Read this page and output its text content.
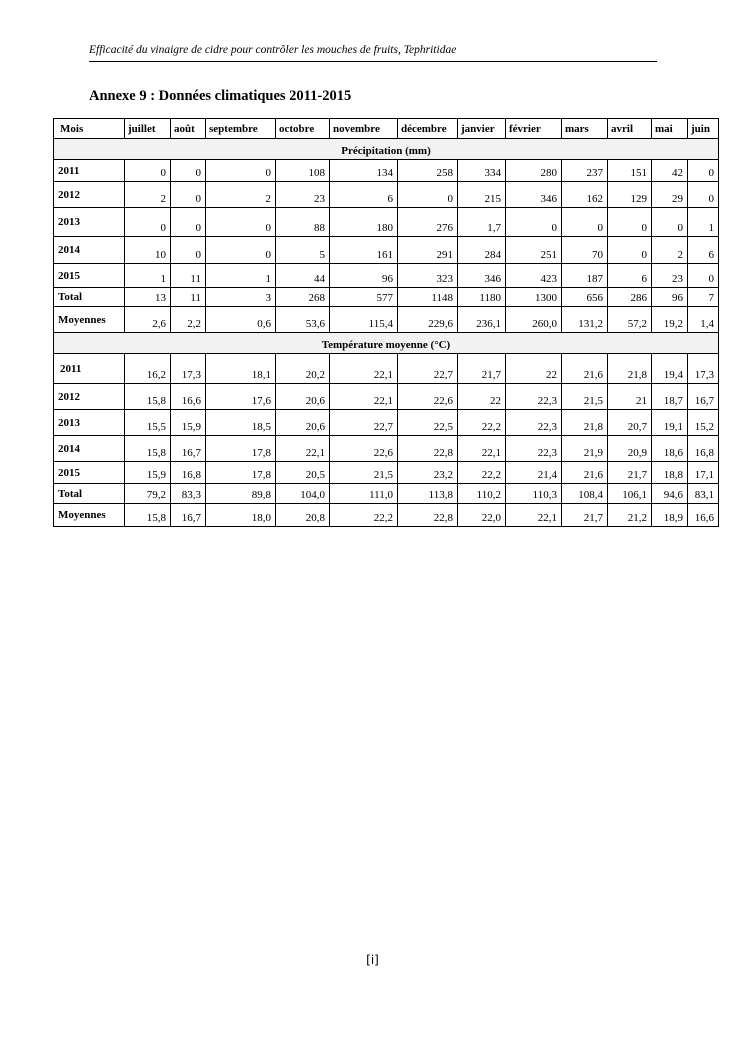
Efficacité du vinaigre de cidre pour contrôler les mouches de fruits, Tephritidae
Annexe 9 : Données climatiques 2011-2015
Mois	juillet	août	septembre	octobre	novembre	décembre	janvier	février	mars	avril	mai	juin
Précipitation (mm)												
2011	0	0	0	108	134	258	334	280	237	151	42	0
2012	2	0	2	23	6	0	215	346	162	129	29	0
2013	0	0	0	88	180	276	1,7	0	0	0	0	1
2014	10	0	0	5	161	291	284	251	70	0	2	6
2015	1	11	1	44	96	323	346	423	187	6	23	0
Total	13	11	3	268	577	1148	1180	1300	656	286	96	7
Moyennes	2,6	2,2	0,6	53,6	115,4	229,6	236,1	260,0	131,2	57,2	19,2	1,4
Température moyenne (°C)												
2011	16,2	17,3	18,1	20,2	22,1	22,7	21,7	22	21,6	21,8	19,4	17,3
2012	15,8	16,6	17,6	20,6	22,1	22,6	22	22,3	21,5	21	18,7	16,7
2013	15,5	15,9	18,5	20,6	22,7	22,5	22,2	22,3	21,8	20,7	19,1	15,2
2014	15,8	16,7	17,8	22,1	22,6	22,8	22,1	22,3	21,9	20,9	18,6	16,8
2015	15,9	16,8	17,8	20,5	21,5	23,2	22,2	21,4	21,6	21,7	18,8	17,1
Total	79,2	83,3	89,8	104,0	111,0	113,8	110,2	110,3	108,4	106,1	94,6	83,1
Moyennes	15,8	16,7	18,0	20,8	22,2	22,8	22,0	22,1	21,7	21,2	18,9	16,6
[i]
